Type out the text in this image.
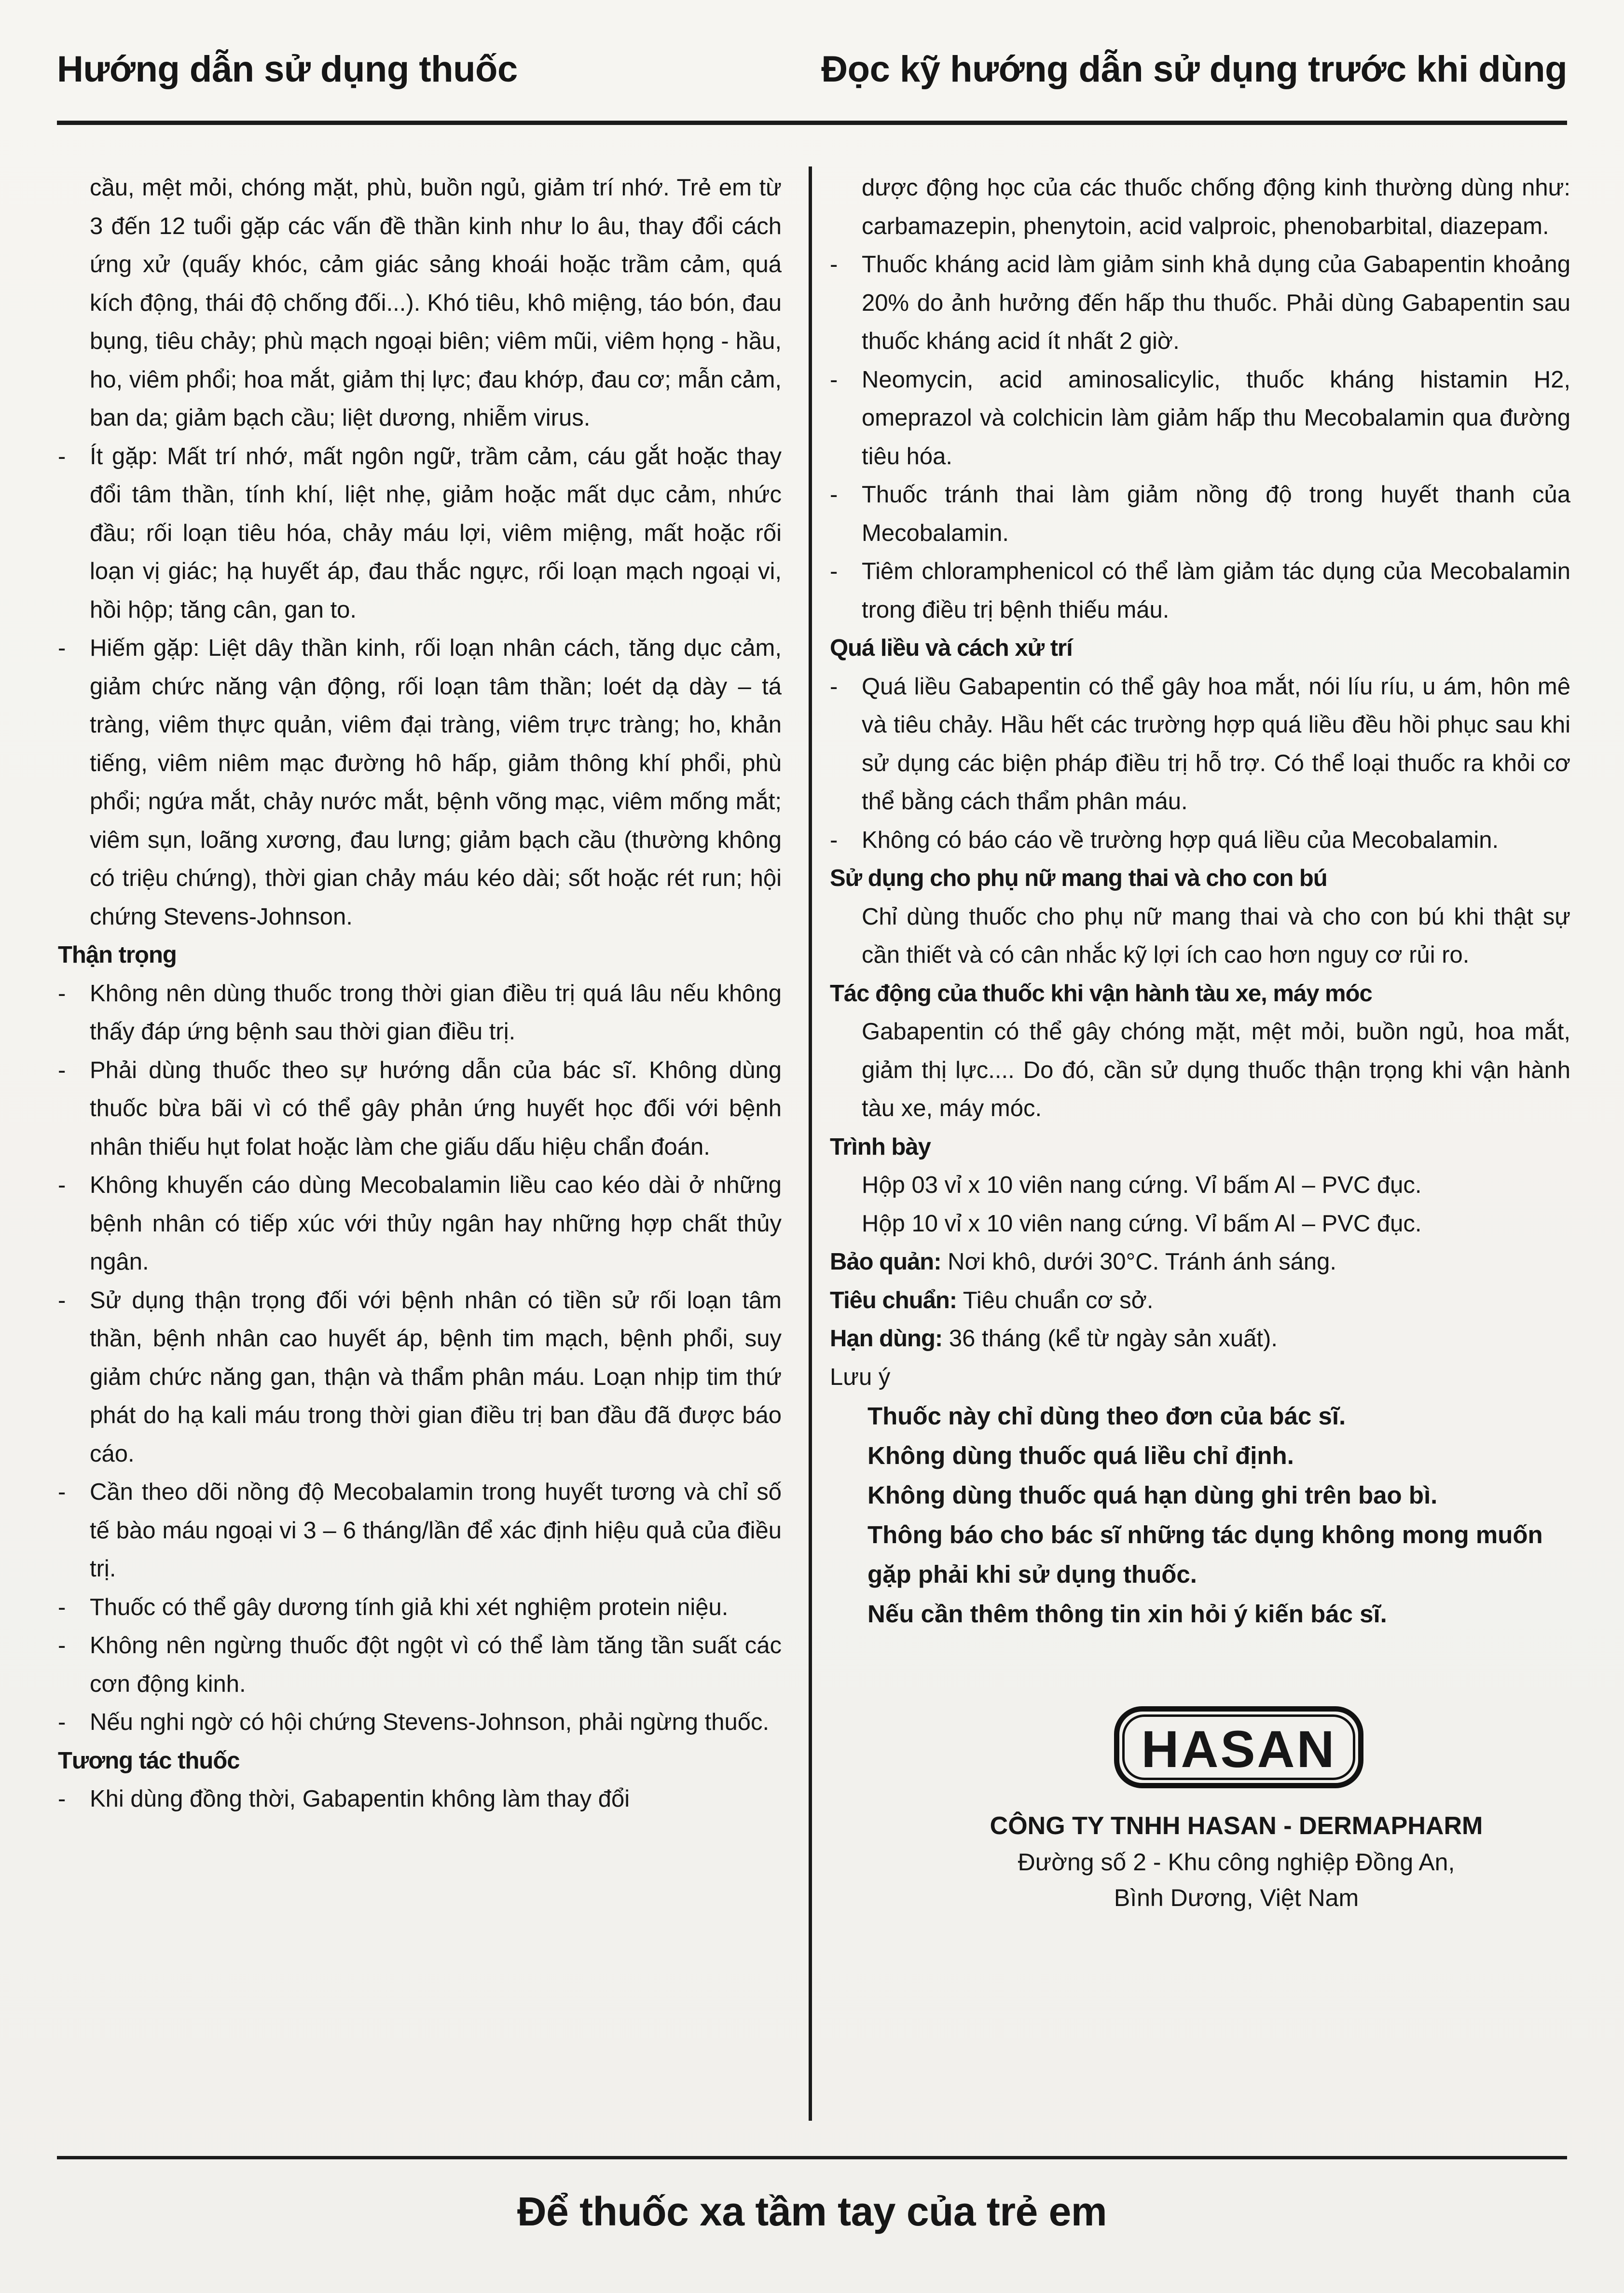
Hướng dẫn sử dụng thuốc	Đọc kỹ hướng dẫn sử dụng trước khi dùng
cầu, mệt mỏi, chóng mặt, phù, buồn ngủ, giảm trí nhớ. Trẻ em từ 3 đến 12 tuổi gặp các vấn đề thần kinh như lo âu, thay đổi cách ứng xử (quấy khóc, cảm giác sảng khoái hoặc trầm cảm, quá kích động, thái độ chống đối...). Khó tiêu, khô miệng, táo bón, đau bụng, tiêu chảy; phù mạch ngoại biên; viêm mũi, viêm họng - hầu, ho, viêm phổi; hoa mắt, giảm thị lực; đau khớp, đau cơ; mẫn cảm, ban da; giảm bạch cầu; liệt dương, nhiễm virus.
- Ít gặp: Mất trí nhớ, mất ngôn ngữ, trầm cảm, cáu gắt hoặc thay đổi tâm thần, tính khí, liệt nhẹ, giảm hoặc mất dục cảm, nhức đầu; rối loạn tiêu hóa, chảy máu lợi, viêm miệng, mất hoặc rối loạn vị giác; hạ huyết áp, đau thắc ngực, rối loạn mạch ngoại vi, hồi hộp; tăng cân, gan to.
- Hiếm gặp: Liệt dây thần kinh, rối loạn nhân cách, tăng dục cảm, giảm chức năng vận động, rối loạn tâm thần; loét dạ dày – tá tràng, viêm thực quản, viêm đại tràng, viêm trực tràng; ho, khản tiếng, viêm niêm mạc đường hô hấp, giảm thông khí phổi, phù phổi; ngứa mắt, chảy nước mắt, bệnh võng mạc, viêm mống mắt; viêm sụn, loãng xương, đau lưng; giảm bạch cầu (thường không có triệu chứng), thời gian chảy máu kéo dài; sốt hoặc rét run; hội chứng Stevens-Johnson.
Thận trọng
- Không nên dùng thuốc trong thời gian điều trị quá lâu nếu không thấy đáp ứng bệnh sau thời gian điều trị.
- Phải dùng thuốc theo sự hướng dẫn của bác sĩ. Không dùng thuốc bừa bãi vì có thể gây phản ứng huyết học đối với bệnh nhân thiếu hụt folat hoặc làm che giấu dấu hiệu chẩn đoán.
- Không khuyến cáo dùng Mecobalamin liều cao kéo dài ở những bệnh nhân có tiếp xúc với thủy ngân hay những hợp chất thủy ngân.
- Sử dụng thận trọng đối với bệnh nhân có tiền sử rối loạn tâm thần, bệnh nhân cao huyết áp, bệnh tim mạch, bệnh phổi, suy giảm chức năng gan, thận và thẩm phân máu. Loạn nhịp tim thứ phát do hạ kali máu trong thời gian điều trị ban đầu đã được báo cáo.
- Cần theo dõi nồng độ Mecobalamin trong huyết tương và chỉ số tế bào máu ngoại vi 3 – 6 tháng/lần để xác định hiệu quả của điều trị.
- Thuốc có thể gây dương tính giả khi xét nghiệm protein niệu.
- Không nên ngừng thuốc đột ngột vì có thể làm tăng tần suất các cơn động kinh.
- Nếu nghi ngờ có hội chứng Stevens-Johnson, phải ngừng thuốc.
Tương tác thuốc
- Khi dùng đồng thời, Gabapentin không làm thay đổi
dược động học của các thuốc chống động kinh thường dùng như: carbamazepin, phenytoin, acid valproic, phenobarbital, diazepam.
- Thuốc kháng acid làm giảm sinh khả dụng của Gabapentin khoảng 20% do ảnh hưởng đến hấp thu thuốc. Phải dùng Gabapentin sau thuốc kháng acid ít nhất 2 giờ.
- Neomycin, acid aminosalicylic, thuốc kháng histamin H2, omeprazol và colchicin làm giảm hấp thu Mecobalamin qua đường tiêu hóa.
- Thuốc tránh thai làm giảm nồng độ trong huyết thanh của Mecobalamin.
- Tiêm chloramphenicol có thể làm giảm tác dụng của Mecobalamin trong điều trị bệnh thiếu máu.
Quá liều và cách xử trí
- Quá liều Gabapentin có thể gây hoa mắt, nói líu ríu, u ám, hôn mê và tiêu chảy. Hầu hết các trường hợp quá liều đều hồi phục sau khi sử dụng các biện pháp điều trị hỗ trợ. Có thể loại thuốc ra khỏi cơ thể bằng cách thẩm phân máu.
- Không có báo cáo về trường hợp quá liều của Mecobalamin.
Sử dụng cho phụ nữ mang thai và cho con bú
Chỉ dùng thuốc cho phụ nữ mang thai và cho con bú khi thật sự cần thiết và có cân nhắc kỹ lợi ích cao hơn nguy cơ rủi ro.
Tác động của thuốc khi vận hành tàu xe, máy móc
Gabapentin có thể gây chóng mặt, mệt mỏi, buồn ngủ, hoa mắt, giảm thị lực.... Do đó, cần sử dụng thuốc thận trọng khi vận hành tàu xe, máy móc.
Trình bày
Hộp 03 vỉ x 10 viên nang cứng. Vỉ bấm Al – PVC đục.
Hộp 10 vỉ x 10 viên nang cứng. Vỉ bấm Al – PVC đục.
Bảo quản: Nơi khô, dưới 30°C. Tránh ánh sáng.
Tiêu chuẩn: Tiêu chuẩn cơ sở.
Hạn dùng: 36 tháng (kể từ ngày sản xuất).
Lưu ý
Thuốc này chỉ dùng theo đơn của bác sĩ.
Không dùng thuốc quá liều chỉ định.
Không dùng thuốc quá hạn dùng ghi trên bao bì.
Thông báo cho bác sĩ những tác dụng không mong muốn gặp phải khi sử dụng thuốc.
Nếu cần thêm thông tin xin hỏi ý kiến bác sĩ.
HASAN
CÔNG TY TNHH HASAN - DERMAPHARM
Đường số 2 - Khu công nghiệp Đồng An,
Bình Dương, Việt Nam
Để thuốc xa tầm tay của trẻ em
